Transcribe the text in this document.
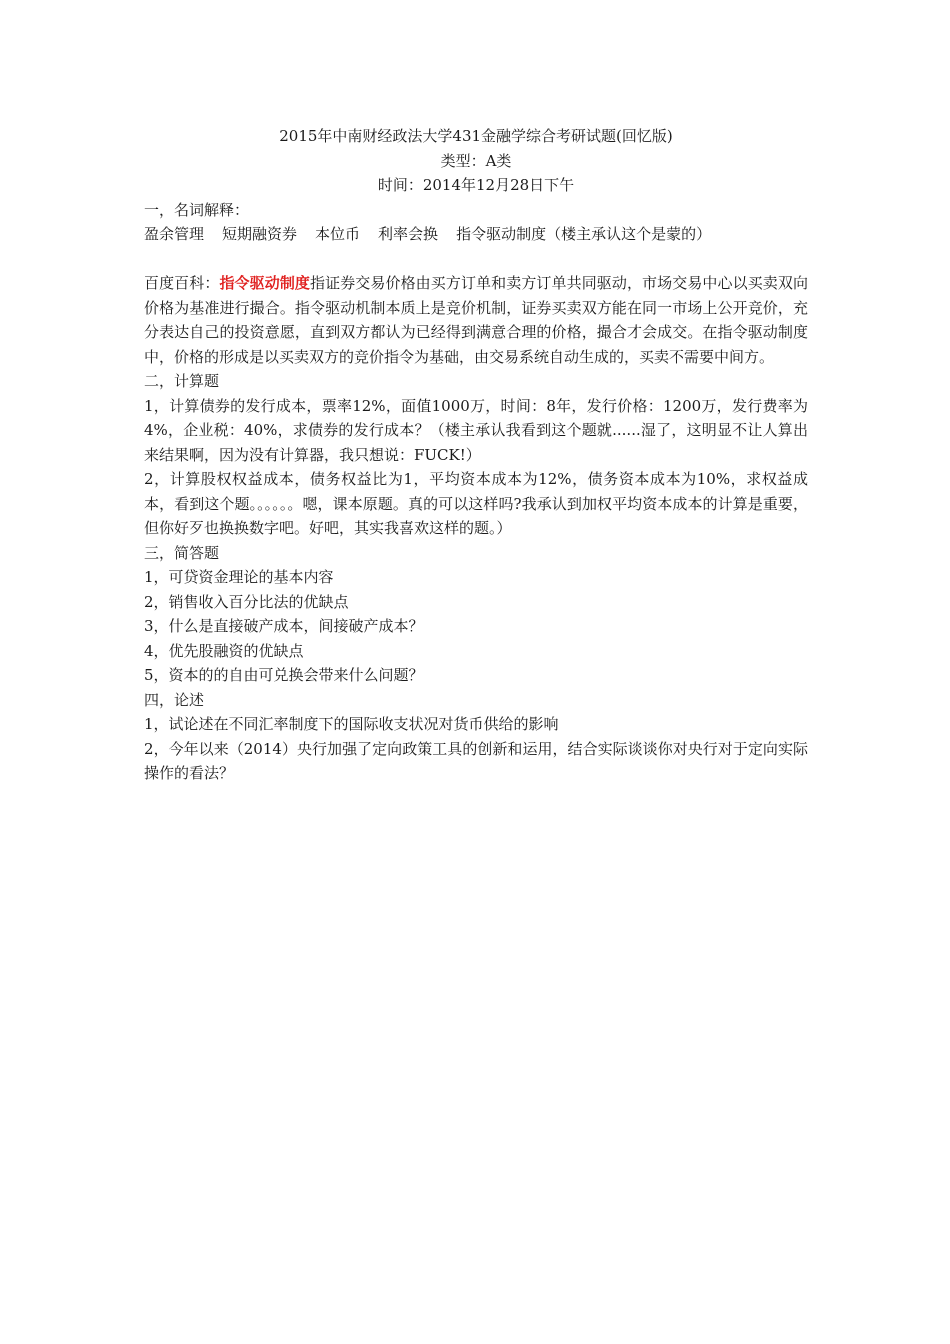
2015年中南财经政法大学431金融学综合考研试题(回忆版)
类型：A类
时间：2014年12月28日下午
一，名词解释：
盈余管理 短期融资券 本位币 利率会换 指令驱动制度（楼主承认这个是蒙的）
百度百科：指令驱动制度指证券交易价格由买方订单和卖方订单共同驱动，市场交易中心以买卖双向价格为基准进行撮合。指令驱动机制本质上是竞价机制，证券买卖双方能在同一市场上公开竞价，充分表达自己的投资意愿，直到双方都认为已经得到满意合理的价格，撮合才会成交。在指令驱动制度中，价格的形成是以买卖双方的竞价指令为基础，由交易系统自动生成的，买卖不需要中间方。
二，计算题
1，计算债券的发行成本，票率12%，面值1000万，时间：8年，发行价格：1200万，发行费率为4%，企业税：40%，求债券的发行成本？（楼主承认我看到这个题就......湿了，这明显不让人算出来结果啊，因为没有计算器，我只想说：FUCK!）
2，计算股权权益成本，债务权益比为1，平均资本成本为12%，债务资本成本为10%，求权益成本，看到这个题。。。。。。嗯，课本原题。真的可以这样吗?我承认到加权平均资本成本的计算是重要，但你好歹也换换数字吧。好吧，其实我喜欢这样的题。）
三，简答题
1，可贷资金理论的基本内容
2，销售收入百分比法的优缺点
3，什么是直接破产成本，间接破产成本？
4，优先股融资的优缺点
5，资本的的自由可兑换会带来什么问题？
四，论述
1，试论述在不同汇率制度下的国际收支状况对货币供给的影响
2，今年以来（2014）央行加强了定向政策工具的创新和运用，结合实际谈谈你对央行对于定向实际操作的看法？
